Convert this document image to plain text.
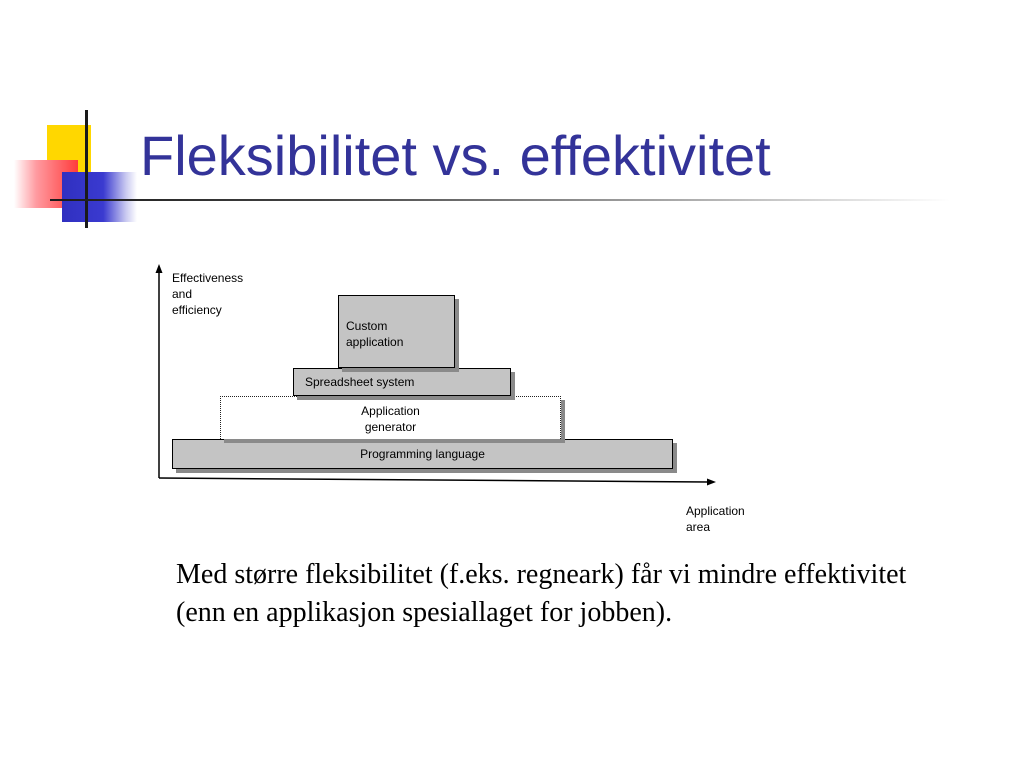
Fleksibilitet vs. effektivitet
Effectiveness
and
efficiency
Application
area
Programming language
Application
generator
Spreadsheet system

Custom
application

Med større fleksibilitet (f.eks. regneark) får vi mindre effektivitet (enn en applikasjon spesiallaget for jobben).
